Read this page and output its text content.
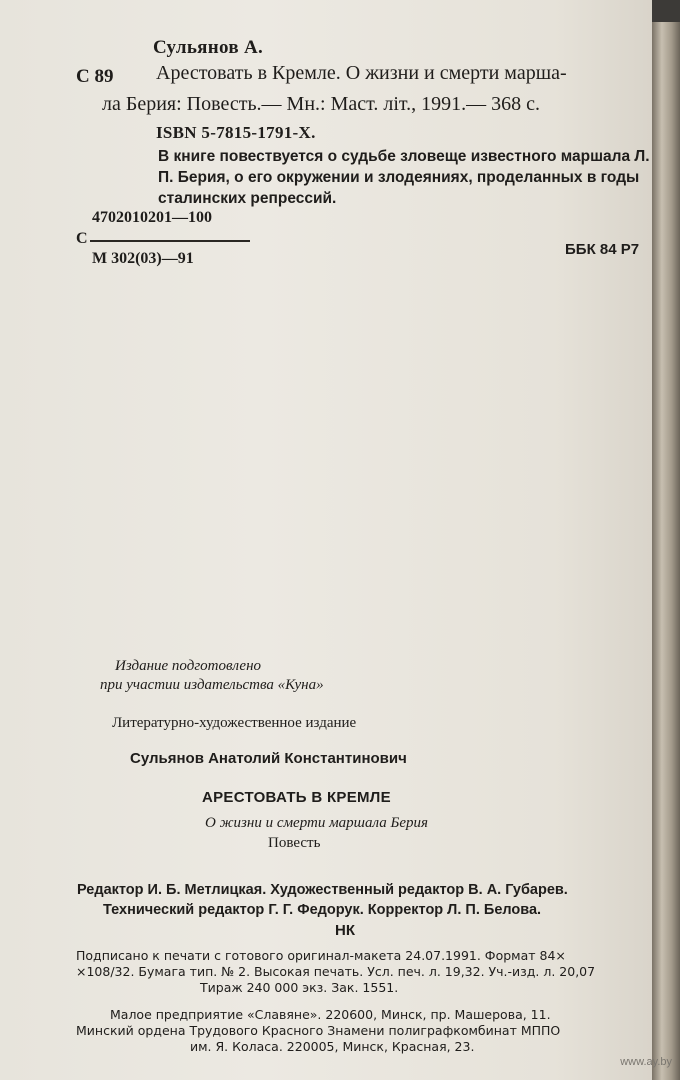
Сульянов А.
С 89 Арестовать в Кремле. О жизни и смерти марша-
ла Берия: Повесть.— Мн.: Маст. літ., 1991.— 368 с.
ISBN 5-7815-1791-Х.
В книге повествуется о судьбе зловеще известного маршала Л. П. Берия, о его окружении и злодеяниях, проделанных в годы сталинских репрессий.
4702010201—100
С
М 302(03)—91
ББК 84 Р7
Издание подготовлено
при участии издательства «Куна»
Литературно-художественное издание
Сульянов Анатолий Константинович
АРЕСТОВАТЬ В КРЕМЛЕ
О жизни и смерти маршала Берия
Повесть
Редактор И. Б. Метлицкая. Художественный редактор В. А. Губарев.
Технический редактор Г. Г. Федорук. Корректор Л. П. Белова.
НК
Подписано к печати с готового оригинал-макета 24.07.1991. Формат 84×
×108/32. Бумага тип. № 2. Высокая печать. Усл. печ. л. 19,32. Уч.-изд. л. 20,07
Тираж 240 000 экз. Зак. 1551.
Малое предприятие «Славяне». 220600, Минск, пр. Машерова, 11.
Минский ордена Трудового Красного Знамени полиграфкомбинат МППО
им. Я. Коласа. 220005, Минск, Красная, 23.
www.ay.by
